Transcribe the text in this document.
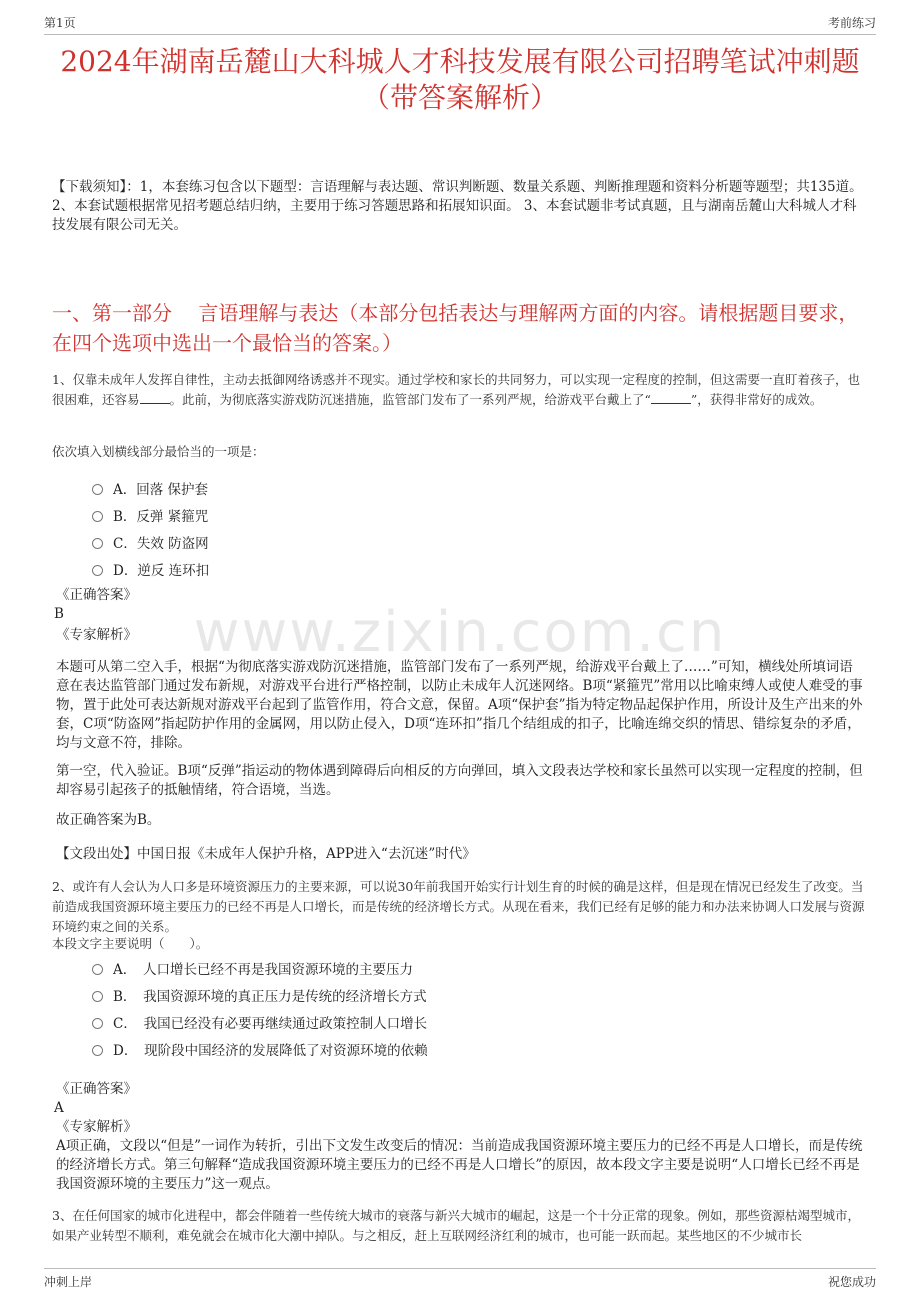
第1页	考前练习
www.zixin.com.cn
2024年湖南岳麓山大科城人才科技发展有限公司招聘笔试冲刺题（带答案解析）
【下载须知】：1，本套练习包含以下题型：言语理解与表达题、常识判断题、数量关系题、判断推理题和资料分析题等题型；共135道。 2、本套试题根据常见招考题总结归纳，主要用于练习答题思路和拓展知识面。 3、本套试题非考试真题，且与湖南岳麓山大科城人才科技发展有限公司无关。
一、第一部分　 言语理解与表达（本部分包括表达与理解两方面的内容。请根据题目要求，在四个选项中选出一个最恰当的答案。）
1、仅靠未成年人发挥自律性，主动去抵御网络诱惑并不现实。通过学校和家长的共同努力，可以实现一定程度的控制，但这需要一直盯着孩子，也很困难，还容易 。此前，为彻底落实游戏防沉迷措施，监管部门发布了一系列严规，给游戏平台戴上了“	”，获得非常好的成效。
依次填入划横线部分最恰当的一项是：
A．回落 保护套
B．反弹 紧箍咒
C．失效 防盗网
D．逆反 连环扣
《正确答案》
B
《专家解析》
本题可从第二空入手，根据“为彻底落实游戏防沉迷措施，监管部门发布了一系列严规，给游戏平台戴上了……”可知，横线处所填词语意在表达监管部门通过发布新规，对游戏平台进行严格控制，以防止未成年人沉迷网络。B项“紧箍咒”常用以比喻束缚人或使人难受的事物，置于此处可表达新规对游戏平台起到了监管作用，符合文意，保留。A项“保护套”指为特定物品起保护作用，所设计及生产出来的外套，C项“防盗网”指起防护作用的金属网，用以防止侵入，D项“连环扣”指几个结组成的扣子，比喻连绵交织的情思、错综复杂的矛盾，均与文意不符，排除。
第一空，代入验证。B项“反弹”指运动的物体遇到障碍后向相反的方向弹回，填入文段表达学校和家长虽然可以实现一定程度的控制，但却容易引起孩子的抵触情绪，符合语境，当选。
故正确答案为B。
【文段出处】中国日报《未成年人保护升格，APP进入“去沉迷”时代》
2、或许有人会认为人口多是环境资源压力的主要来源，可以说30年前我国开始实行计划生育的时候的确是这样，但是现在情况已经发生了改变。当前造成我国资源环境主要压力的已经不再是人口增长，而是传统的经济增长方式。从现在看来，我们已经有足够的能力和办法来协调人口发展与资源环境约束之间的关系。
本段文字主要说明（　　）。
A．　人口增长已经不再是我国资源环境的主要压力
B．　我国资源环境的真正压力是传统的经济增长方式
C．　我国已经没有必要再继续通过政策控制人口增长
D．　现阶段中国经济的发展降低了对资源环境的依赖
《正确答案》
A
《专家解析》
A项正确，文段以“但是”一词作为转折，引出下文发生改变后的情况：当前造成我国资源环境主要压力的已经不再是人口增长，而是传统的经济增长方式。第三句解释“造成我国资源环境主要压力的已经不再是人口增长”的原因，故本段文字主要是说明“人口增长已经不再是我国资源环境的主要压力”这一观点。
3、在任何国家的城市化进程中，都会伴随着一些传统大城市的衰落与新兴大城市的崛起，这是一个十分正常的现象。例如，那些资源枯竭型城市，如果产业转型不顺利，难免就会在城市化大潮中掉队。与之相反，赶上互联网经济红利的城市，也可能一跃而起。某些地区的不少城市长
冲刺上岸	祝您成功
